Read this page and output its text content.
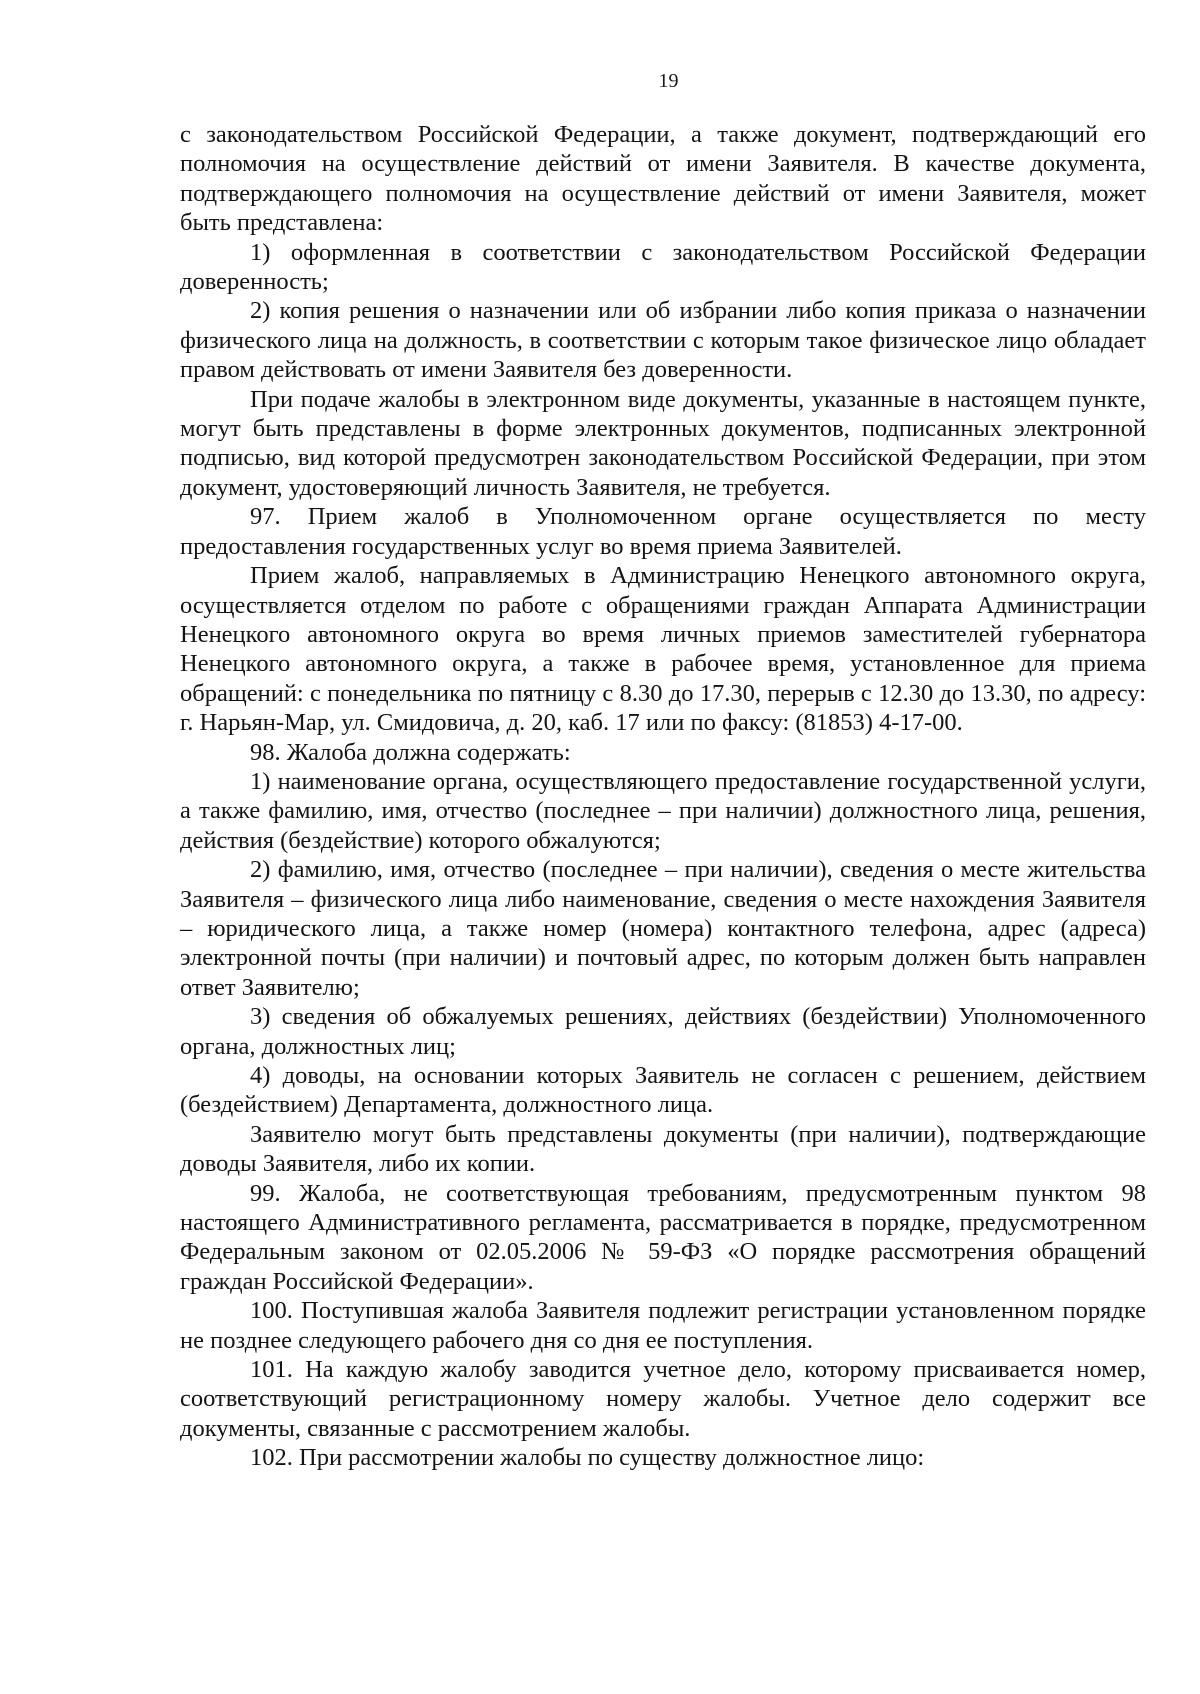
19

с законодательством Российской Федерации, а также документ, подтверждающий его полномочия на осуществление действий от имени Заявителя. В качестве документа, подтверждающего полномочия на осуществление действий от имени Заявителя, может быть представлена:

1) оформленная в соответствии с законодательством Российской Федерации доверенность;

2) копия решения о назначении или об избрании либо копия приказа о назначении физического лица на должность, в соответствии с которым такое физическое лицо обладает правом действовать от имени Заявителя без доверенности.

При подаче жалобы в электронном виде документы, указанные в настоящем пункте, могут быть представлены в форме электронных документов, подписанных электронной подписью, вид которой предусмотрен законодательством Российской Федерации, при этом документ, удостоверяющий личность Заявителя, не требуется.

97. Прием жалоб в Уполномоченном органе осуществляется по месту предоставления государственных услуг во время приема Заявителей.

Прием жалоб, направляемых в Администрацию Ненецкого автономного округа, осуществляется отделом по работе с обращениями граждан Аппарата Администрации Ненецкого автономного округа во время личных приемов заместителей губернатора Ненецкого автономного округа, а также в рабочее время, установленное для приема обращений: с понедельника по пятницу с 8.30 до 17.30, перерыв с 12.30 до 13.30, по адресу: г. Нарьян-Мар, ул. Смидовича, д. 20, каб. 17 или по факсу: (81853) 4-17-00.

98. Жалоба должна содержать:

1) наименование органа, осуществляющего предоставление государственной услуги, а также фамилию, имя, отчество (последнее – при наличии) должностного лица, решения, действия (бездействие) которого обжалуются;

2) фамилию, имя, отчество (последнее – при наличии), сведения о месте жительства Заявителя – физического лица либо наименование, сведения о месте нахождения Заявителя – юридического лица, а также номер (номера) контактного телефона, адрес (адреса) электронной почты (при наличии) и почтовый адрес, по которым должен быть направлен ответ Заявителю;

3) сведения об обжалуемых решениях, действиях (бездействии) Уполномоченного органа, должностных лиц;

4) доводы, на основании которых Заявитель не согласен с решением, действием (бездействием) Департамента, должностного лица.

Заявителю могут быть представлены документы (при наличии), подтверждающие доводы Заявителя, либо их копии.

99. Жалоба, не соответствующая требованиям, предусмотренным пунктом 98 настоящего Административного регламента, рассматривается в порядке, предусмотренном Федеральным законом от 02.05.2006 № 59-ФЗ «О порядке рассмотрения обращений граждан Российской Федерации».

100. Поступившая жалоба Заявителя подлежит регистрации установленном порядке не позднее следующего рабочего дня со дня ее поступления.

101. На каждую жалобу заводится учетное дело, которому присваивается номер, соответствующий регистрационному номеру жалобы. Учетное дело содержит все документы, связанные с рассмотрением жалобы.

102. При рассмотрении жалобы по существу должностное лицо:
